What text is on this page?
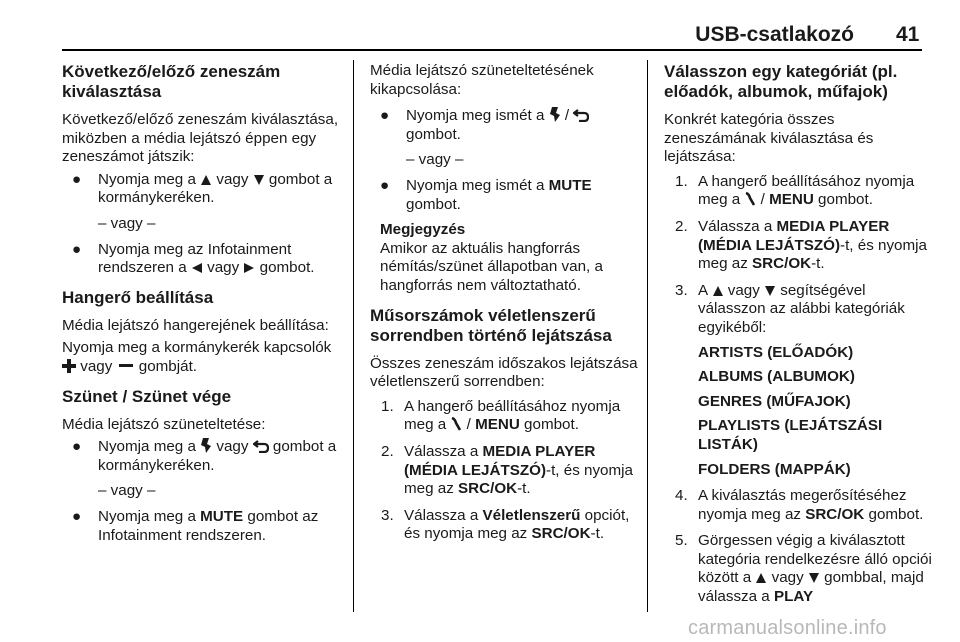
USB-csatlakozó 41
Következő/előző zeneszám kiválasztása

Következő/előző zeneszám kiválasztása, miközben a média lejátszó éppen egy zeneszámot játszik:

● Nyomja meg a  vagy  gombot a kormánykeréken.
– vagy –
● Nyomja meg az Infotainment rendszeren a  vagy  gombot.
Hangerő beállítása

Média lejátszó hangerejének beállítása:

Nyomja meg a kormánykerék kapcsolók  vagy  gombját.

Szünet / Szünet vége

Média lejátszó szüneteltetése:

● Nyomja meg a  vagy  gombot a kormánykeréken.
– vagy –
● Nyomja meg a MUTE gombot az Infotainment rendszeren.

Média lejátszó szüneteltetésének kikapcsolása:

● Nyomja meg ismét a  /  gombot.
– vagy –
● Nyomja meg ismét a MUTE gombot.

Megjegyzés

Amikor az aktuális hangforrás némítás/szünet állapotban van, a hangforrás nem változtatható.

Műsorszámok véletlenszerű sorrendben történő lejátszása

Összes zeneszám időszakos lejátszása véletlenszerű sorrendben:

1. A hangerő beállításához nyomja meg a  / MENU gombot.
2. Válassza a MEDIA PLAYER (MÉDIA LEJÁTSZÓ)-t, és nyomja meg az SRC/OK-t.
3. Válassza a Véletlenszerű opciót, és nyomja meg az SRC/OK-t.
Válasszon egy kategóriát (pl. előadók, albumok, műfajok)

Konkrét kategória összes zeneszámának kiválasztása és lejátszása:

1. A hangerő beállításához nyomja meg a  / MENU gombot.
2. Válassza a MEDIA PLAYER (MÉDIA LEJÁTSZÓ)-t, és nyomja meg az SRC/OK-t.
3. A  vagy  segítségével válasszon az alábbi kategóriák egyikéből:
ARTISTS (ELŐADÓK)
ALBUMS (ALBUMOK)
GENRES (MŰFAJOK)
PLAYLISTS (LEJÁTSZÁSI LISTÁK)
FOLDERS (MAPPÁK)
4. A kiválasztás megerősítéséhez nyomja meg az SRC/OK gombot.
5. Görgessen végig a kiválasztott kategória rendelkezésre álló opciói között a  vagy  gombbal, majd válassza a PLAY
carmanualsonline.info
